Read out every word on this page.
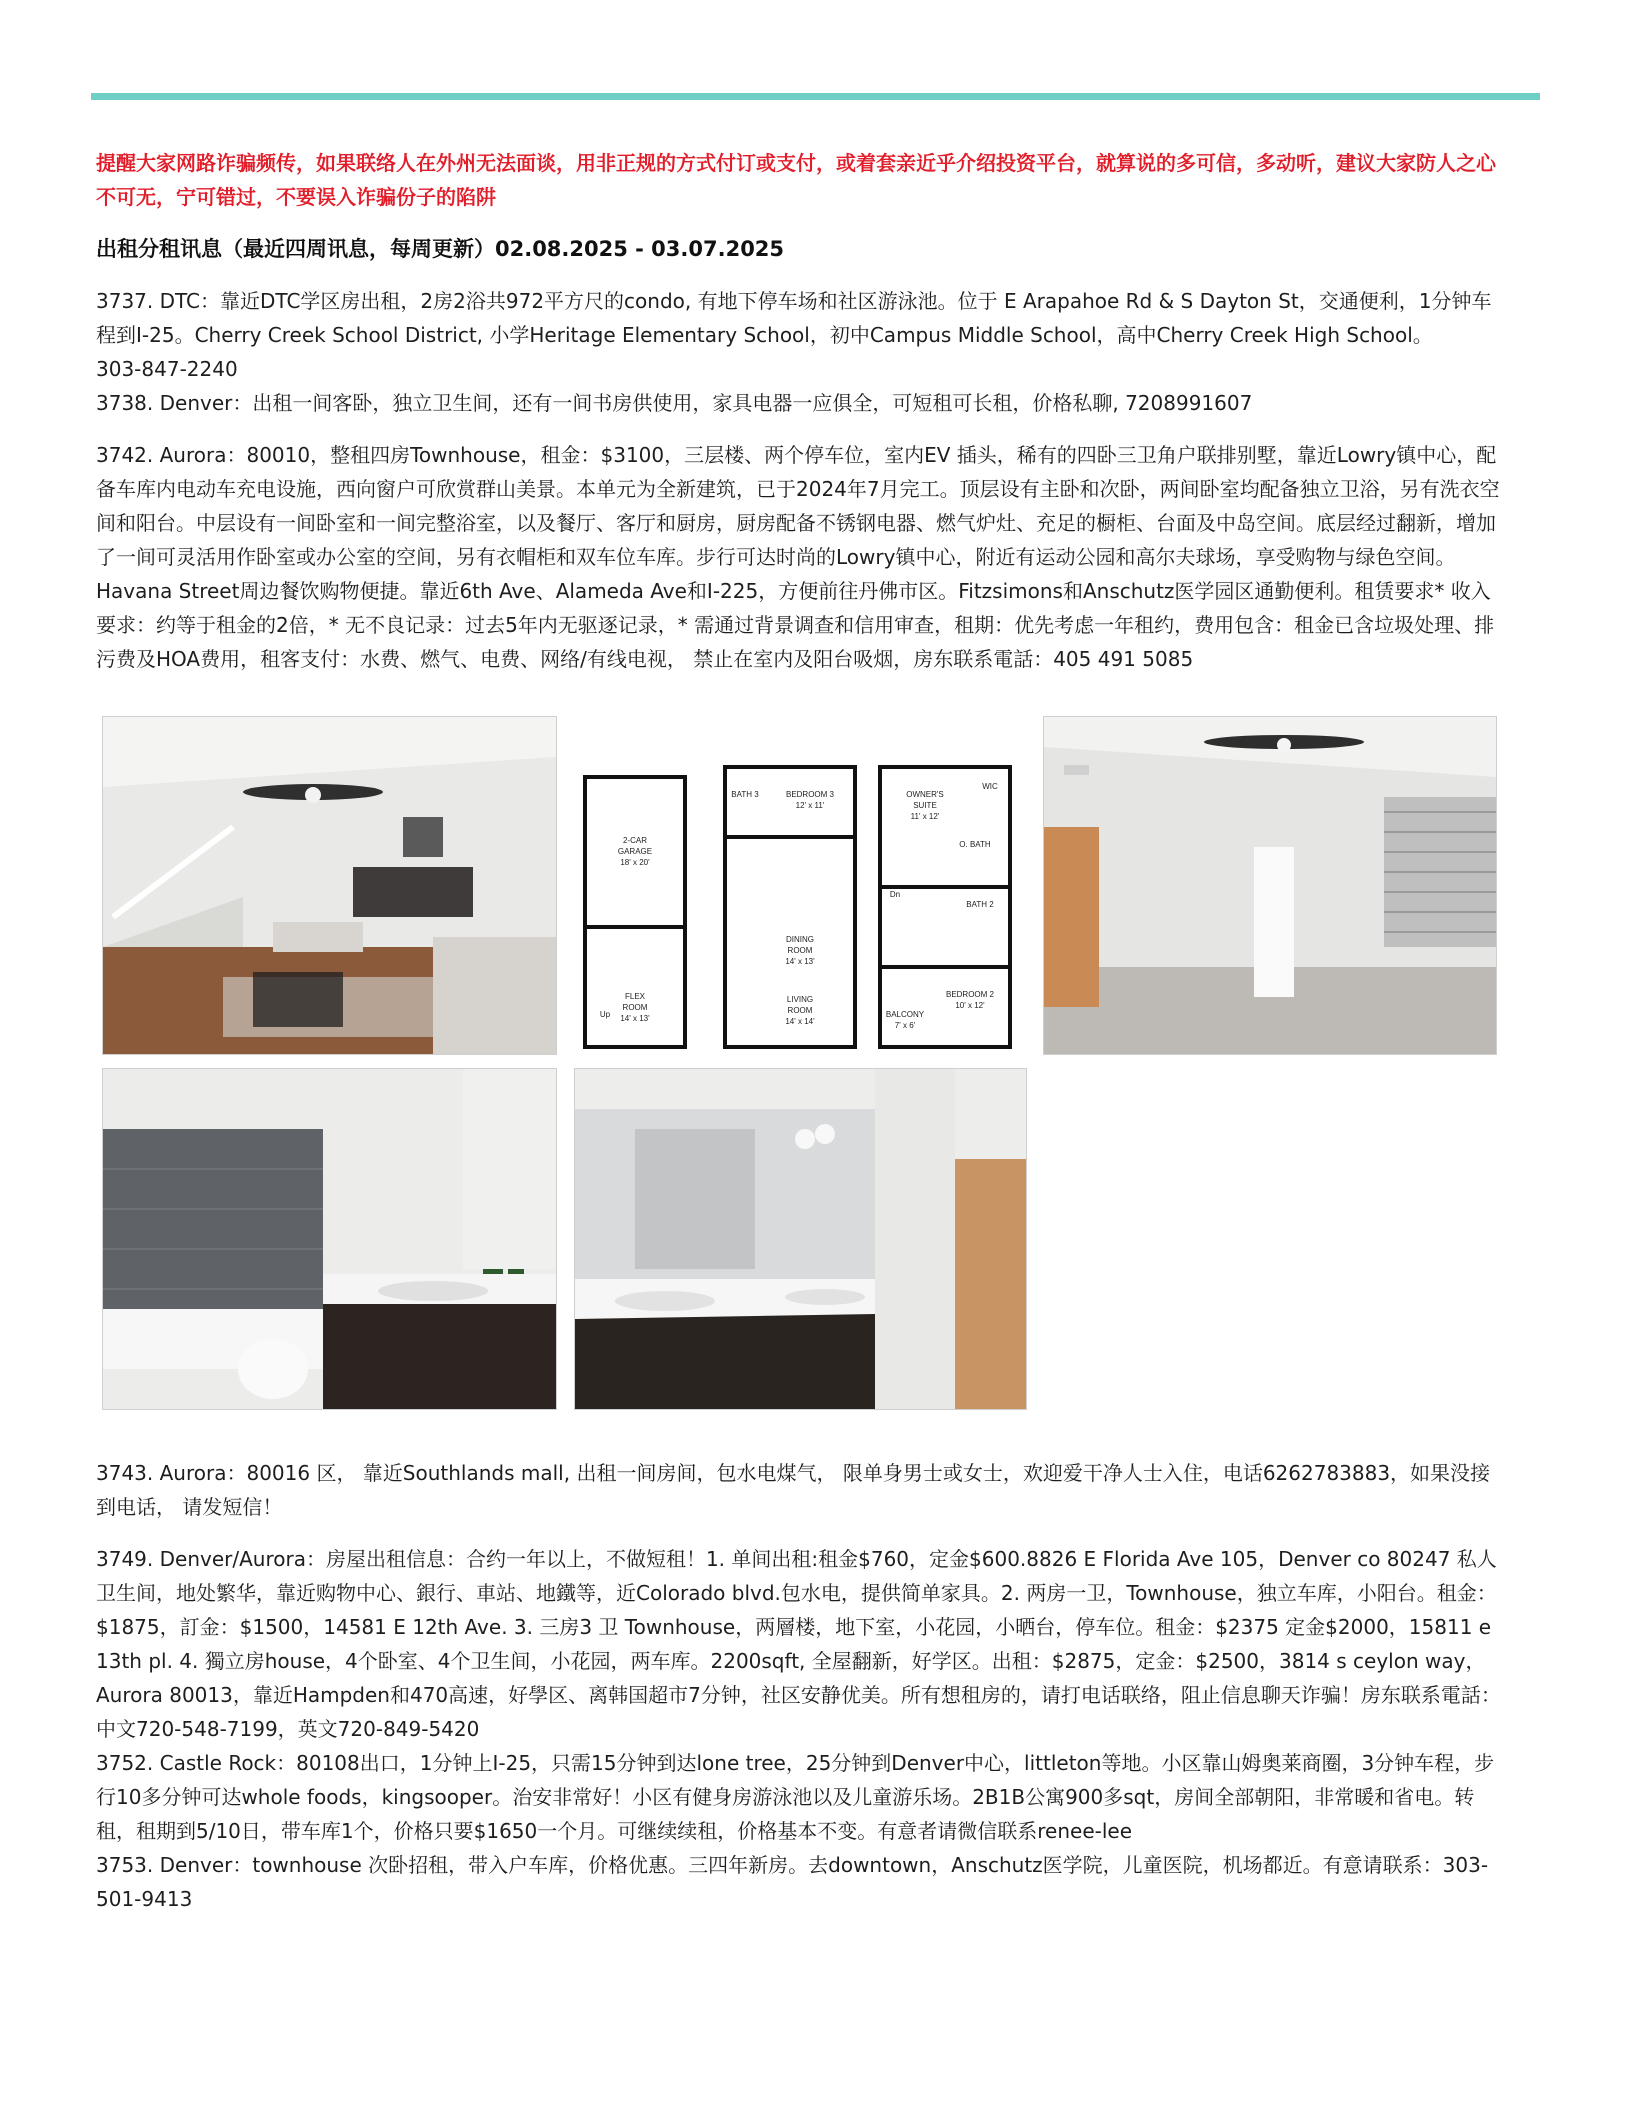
提醒大家网路诈骗频传，如果联络人在外州无法面谈，用非正规的方式付订或支付，或着套亲近乎介绍投资平台，就算说的多可信，多动听，建议大家防人之心不可无，宁可错过，不要误入诈骗份子的陷阱

出租分租讯息（最近四周讯息，每周更新）02.08.2025 - 03.07.2025

3737. DTC：靠近DTC学区房出租，2房2浴共972平方尺的condo, 有地下停车场和社区游泳池。位于 E Arapahoe Rd & S Dayton St，交通便利，1分钟车程到I-25。Cherry Creek School District, 小学Heritage Elementary School，初中Campus Middle School，高中Cherry Creek High School。

303-847-2240

3738. Denver：出租一间客卧，独立卫生间，还有一间书房供使用，家具电器一应俱全，可短租可长租，价格私聊, 7208991607

3742. Aurora：80010，整租四房Townhouse，租金：$3100，三层楼、两个停车位，室内EV 插头，稀有的四卧三卫角户联排别墅，靠近Lowry镇中心，配备车库内电动车充电设施，西向窗户可欣赏群山美景。本单元为全新建筑，已于2024年7月完工。顶层设有主卧和次卧，两间卧室均配备独立卫浴，另有洗衣空间和阳台。中层设有一间卧室和一间完整浴室，以及餐厅、客厅和厨房，厨房配备不锈钢电器、燃气炉灶、充足的橱柜、台面及中岛空间。底层经过翻新，增加了一间可灵活用作卧室或办公室的空间，另有衣帽柜和双车位车库。步行可达时尚的Lowry镇中心，附近有运动公园和高尔夫球场，享受购物与绿色空间。Havana Street周边餐饮购物便捷。靠近6th Ave、Alameda Ave和I-225，方便前往丹佛市区。Fitzsimons和Anschutz医学园区通勤便利。租赁要求* 收入要求：约等于租金的2倍，* 无不良记录：过去5年内无驱逐记录，* 需通过背景调查和信用审查，租期：优先考虑一年租约，费用包含：租金已含垃圾处理、排污费及HOA费用，租客支付：水费、燃气、电费、网络/有线电视， 禁止在室内及阳台吸烟，房东联系電話：405 491 5085

2-CAR
GARAGE
18' x 20'
FLEX
ROOM
14' x 13'
BATH 3	BEDROOM 3
12' x 11'
DINING
ROOM
14' x 13'
LIVING
ROOM
14' x 14'
OWNER'S
SUITE
11' x 12'
WIC
O. BATH
BATH 2
BEDROOM 2
10' x 12'
BALCONY
7' x 6'
Up
Dn

3743. Aurora：80016 区， 靠近Southlands mall, 出租一间房间，包水电煤气， 限单身男士或女士，欢迎爱干净人士入住，电话6262783883，如果没接到电话， 请发短信！

3749. Denver/Aurora：房屋出租信息：合约一年以上，不做短租！1. 单间出租:租金$760，定金$600.8826 E Florida Ave 105，Denver co 80247 私人卫生间，地处繁华，靠近购物中心、銀行、車站、地鐵等，近Colorado blvd.包水电，提供简单家具。2. 两房一卫，Townhouse，独立车库，小阳台。租金：$1875，訂金：$1500，14581 E 12th Ave. 3. 三房3 卫 Townhouse，两層楼，地下室，小花园，小晒台，停车位。租金：$2375 定金$2000，15811 e 13th pl. 4. 獨立房house，4个卧室、4个卫生间，小花园，两车库。2200sqft, 全屋翻新，好学区。出租：$2875，定金：$2500，3814 s ceylon way，Aurora 80013，靠近Hampden和470高速，好學区、离韩国超市7分钟，社区安静优美。所有想租房的，请打电话联络，阻止信息聊天诈骗！房东联系電話：中文720-548-7199，英文720-849-5420

3752. Castle Rock：80108出口，1分钟上I-25，只需15分钟到达lone tree，25分钟到Denver中心，littleton等地。小区靠山姆奥莱商圈，3分钟车程，步行10多分钟可达whole foods，kingsooper。治安非常好！小区有健身房游泳池以及儿童游乐场。2B1B公寓900多sqt，房间全部朝阳，非常暖和省电。转租，租期到5/10日，带车库1个，价格只要$1650一个月。可继续续租，价格基本不变。有意者请微信联系renee-lee

3753. Denver：townhouse 次卧招租，带入户车库，价格优惠。三四年新房。去downtown，Anschutz医学院，儿童医院，机场都近。有意请联系：303-501-9413
